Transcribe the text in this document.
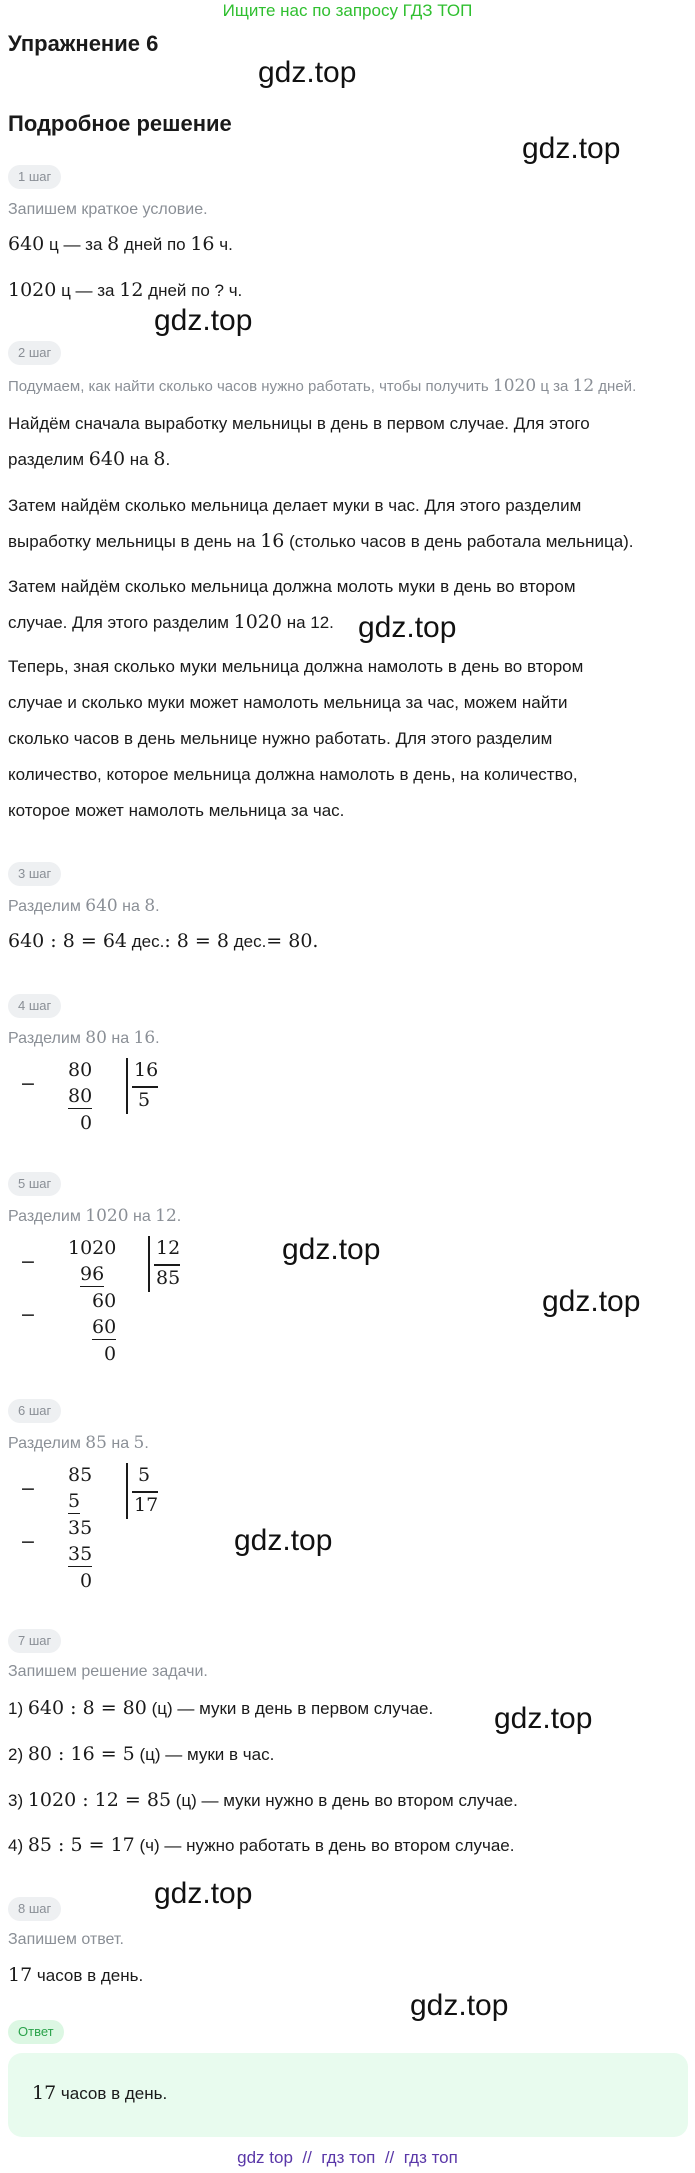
Ищите нас по запросу ГДЗ ТОП
Упражнение 6
Подробное решение
gdz.top
gdz.top
gdz.top
gdz.top
gdz.top
gdz.top
gdz.top
gdz.top
gdz.top
gdz.top
1 шаг
Запишем краткое условие.
640 ц — за 8 дней по 16 ч.
1020 ц — за 12 дней по ? ч.
2 шаг
Подумаем, как найти сколько часов нужно работать, чтобы получить 1020 ц за 12 дней.
Найдём сначала выработку мельницы в день в первом случае. Для этого
разделим 640 на 8.
Затем найдём сколько мельница делает муки в час. Для этого разделим
выработку мельницы в день на 16 (столько часов в день работала мельница).
Затем найдём сколько мельница должна молоть муки в день во втором
случае. Для этого разделим 1020 на 12.
Теперь, зная сколько муки мельница должна намолоть в день во втором
случае и сколько муки может намолоть мельница за час, можем найти
сколько часов в день мельнице нужно работать. Для этого разделим
количество, которое мельница должна намолоть в день, на количество,
которое может намолоть мельница за час.
3 шаг
Разделим 640 на 8.
640 : 8 = 64 дес.: 8 = 8 дес.= 80.
4 шаг
Разделим 80 на 16.
−
80
80
0
16
5
5 шаг
Разделим 1020 на 12.
−
−
1020
96
60
60
0
12
85
6 шаг
Разделим 85 на 5.
−
−
85
5
35
35
0
5
17
7 шаг
Запишем решение задачи.
1) 640 : 8 = 80 (ц) — муки в день в первом случае.
2) 80 : 16 = 5 (ц) — муки в час.
3) 1020 : 12 = 85 (ц) — муки нужно в день во втором случае.
4) 85 : 5 = 17 (ч) — нужно работать в день во втором случае.
8 шаг
Запишем ответ.
17 часов в день.
Ответ
17 часов в день.
gdz top  //  гдз топ  //  гдз топ
